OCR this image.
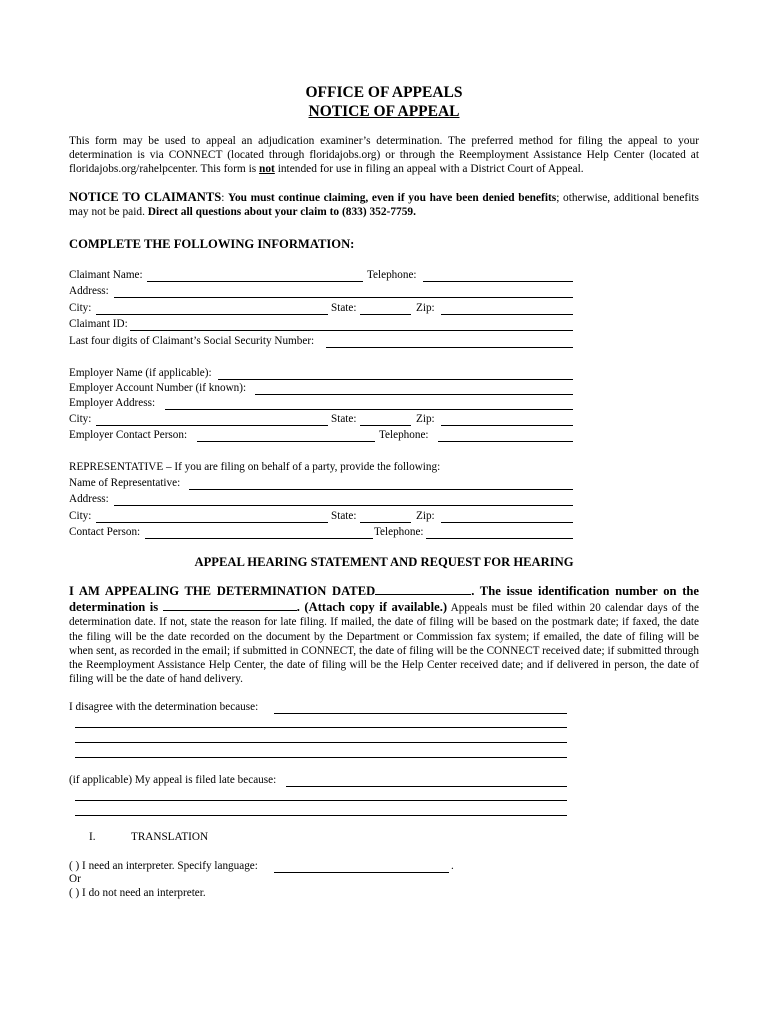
OFFICE OF APPEALS
NOTICE OF APPEAL
This form may be used to appeal an adjudication examiner’s determination. The preferred method for filing the appeal to your determination is via CONNECT (located through floridajobs.org) or through the Reemployment Assistance Help Center (located at floridajobs.org/rahelpcenter. This form is not intended for use in filing an appeal with a District Court of Appeal.
NOTICE TO CLAIMANTS: You must continue claiming, even if you have been denied benefits; otherwise, additional benefits may not be paid. Direct all questions about your claim to (833) 352-7759.
COMPLETE THE FOLLOWING INFORMATION:
Claimant Name:	Telephone:
Address:
City:	State:	Zip:
Claimant ID:
Last four digits of Claimant’s Social Security Number:
Employer Name (if applicable):
Employer Account Number (if known):
Employer Address:
City:	State:	Zip:
Employer Contact Person:	Telephone:
REPRESENTATIVE – If you are filing on behalf of a party, provide the following:
Name of Representative:
Address:
City:	State:	Zip:
Contact Person:	Telephone:
APPEAL HEARING STATEMENT AND REQUEST FOR HEARING
I AM APPEALING THE DETERMINATION DATED	. The issue identification number on the determination is	. (Attach copy if available.) Appeals must be filed within 20 calendar days of the determination date. If not, state the reason for late filing. If mailed, the date of filing will be based on the postmark date; if faxed, the date the filing will be the date recorded on the document by the Department or Commission fax system; if emailed, the date of filing will be when sent, as recorded in the email; if submitted in CONNECT, the date of filing will be the CONNECT received date; if submitted through the Reemployment Assistance Help Center, the date of filing will be the Help Center received date; and if delivered in person, the date of filing will be the date of hand delivery.
I disagree with the determination because:
(if applicable) My appeal is filed late because:
I.	TRANSLATION
( ) I need an interpreter. Specify language:	.
Or
( ) I do not need an interpreter.
